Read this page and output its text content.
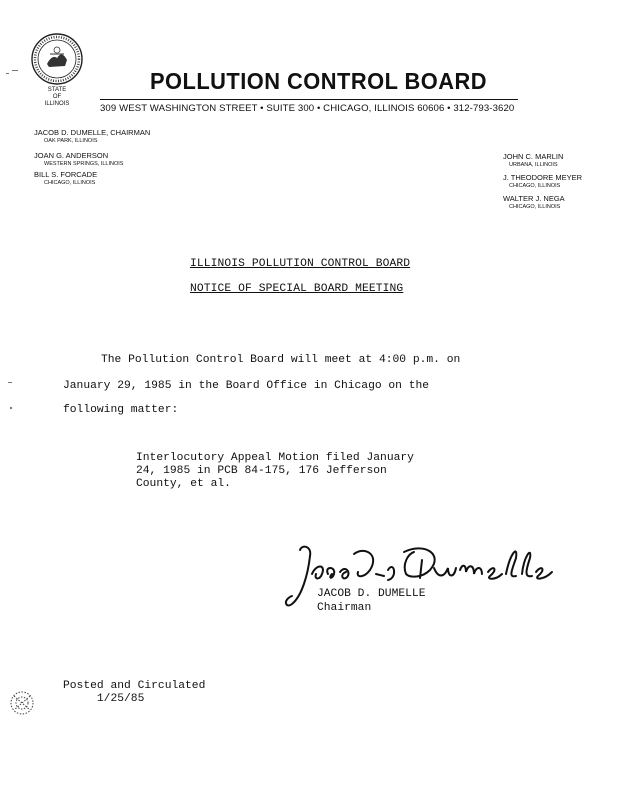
STATE
OF
ILLINOIS
POLLUTION CONTROL BOARD
309 WEST WASHINGTON STREET • SUITE 300 • CHICAGO, ILLINOIS 60606 • 312-793-3620
JACOB D. DUMELLE, CHAIRMAN
OAK PARK, ILLINOIS
JOAN G. ANDERSON
WESTERN SPRINGS, ILLINOIS
BILL S. FORCADE
CHICAGO, ILLINOIS
JOHN C. MARLIN
URBANA, ILLINOIS
J. THEODORE MEYER
CHICAGO, ILLINOIS
WALTER J. NEGA
CHICAGO, ILLINOIS
ILLINOIS POLLUTION CONTROL BOARD
NOTICE OF SPECIAL BOARD MEETING
The Pollution Control Board will meet at 4:00 p.m. on
January 29, 1985 in the Board Office in Chicago on the
following matter:
Interlocutory Appeal Motion filed January
24, 1985 in PCB 84-175, 176 Jefferson
County, et al.
JACOB D. DUMELLE
Chairman
Posted and Circulated
1/25/85
